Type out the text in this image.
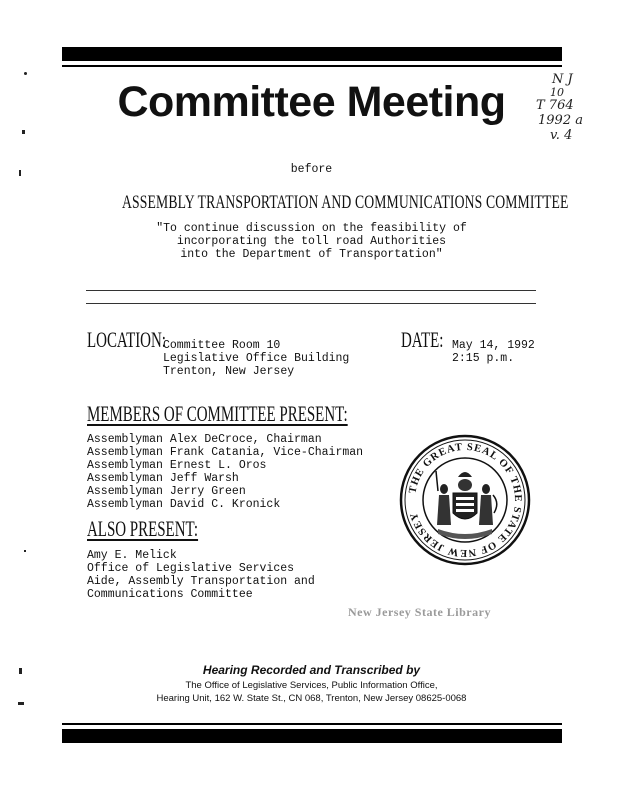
Committee Meeting	N J
10
T 764
1992 a
v. 4
before
ASSEMBLY TRANSPORTATION AND COMMUNICATIONS COMMITTEE
"To continue discussion on the feasibility of
incorporating the toll road Authorities
into the Department of Transportation"
LOCATION:
Committee Room 10
Legislative Office Building
Trenton, New Jersey
DATE: May 14, 1992
2:15 p.m.
MEMBERS OF COMMITTEE PRESENT:
Assemblyman Alex DeCroce, Chairman
Assemblyman Frank Catania, Vice-Chairman
Assemblyman Ernest L. Oros
Assemblyman Jeff Warsh
Assemblyman Jerry Green
Assemblyman David C. Kronick
ALSO PRESENT:
Amy E. Melick
Office of Legislative Services
Aide, Assembly Transportation and
Communications Committee
THE GREAT SEAL OF THE STATE OF NEW JERSEY
New Jersey State Library
Hearing Recorded and Transcribed by
The Office of Legislative Services, Public Information Office,
Hearing Unit, 162 W. State St., CN 068, Trenton, New Jersey 08625-0068
